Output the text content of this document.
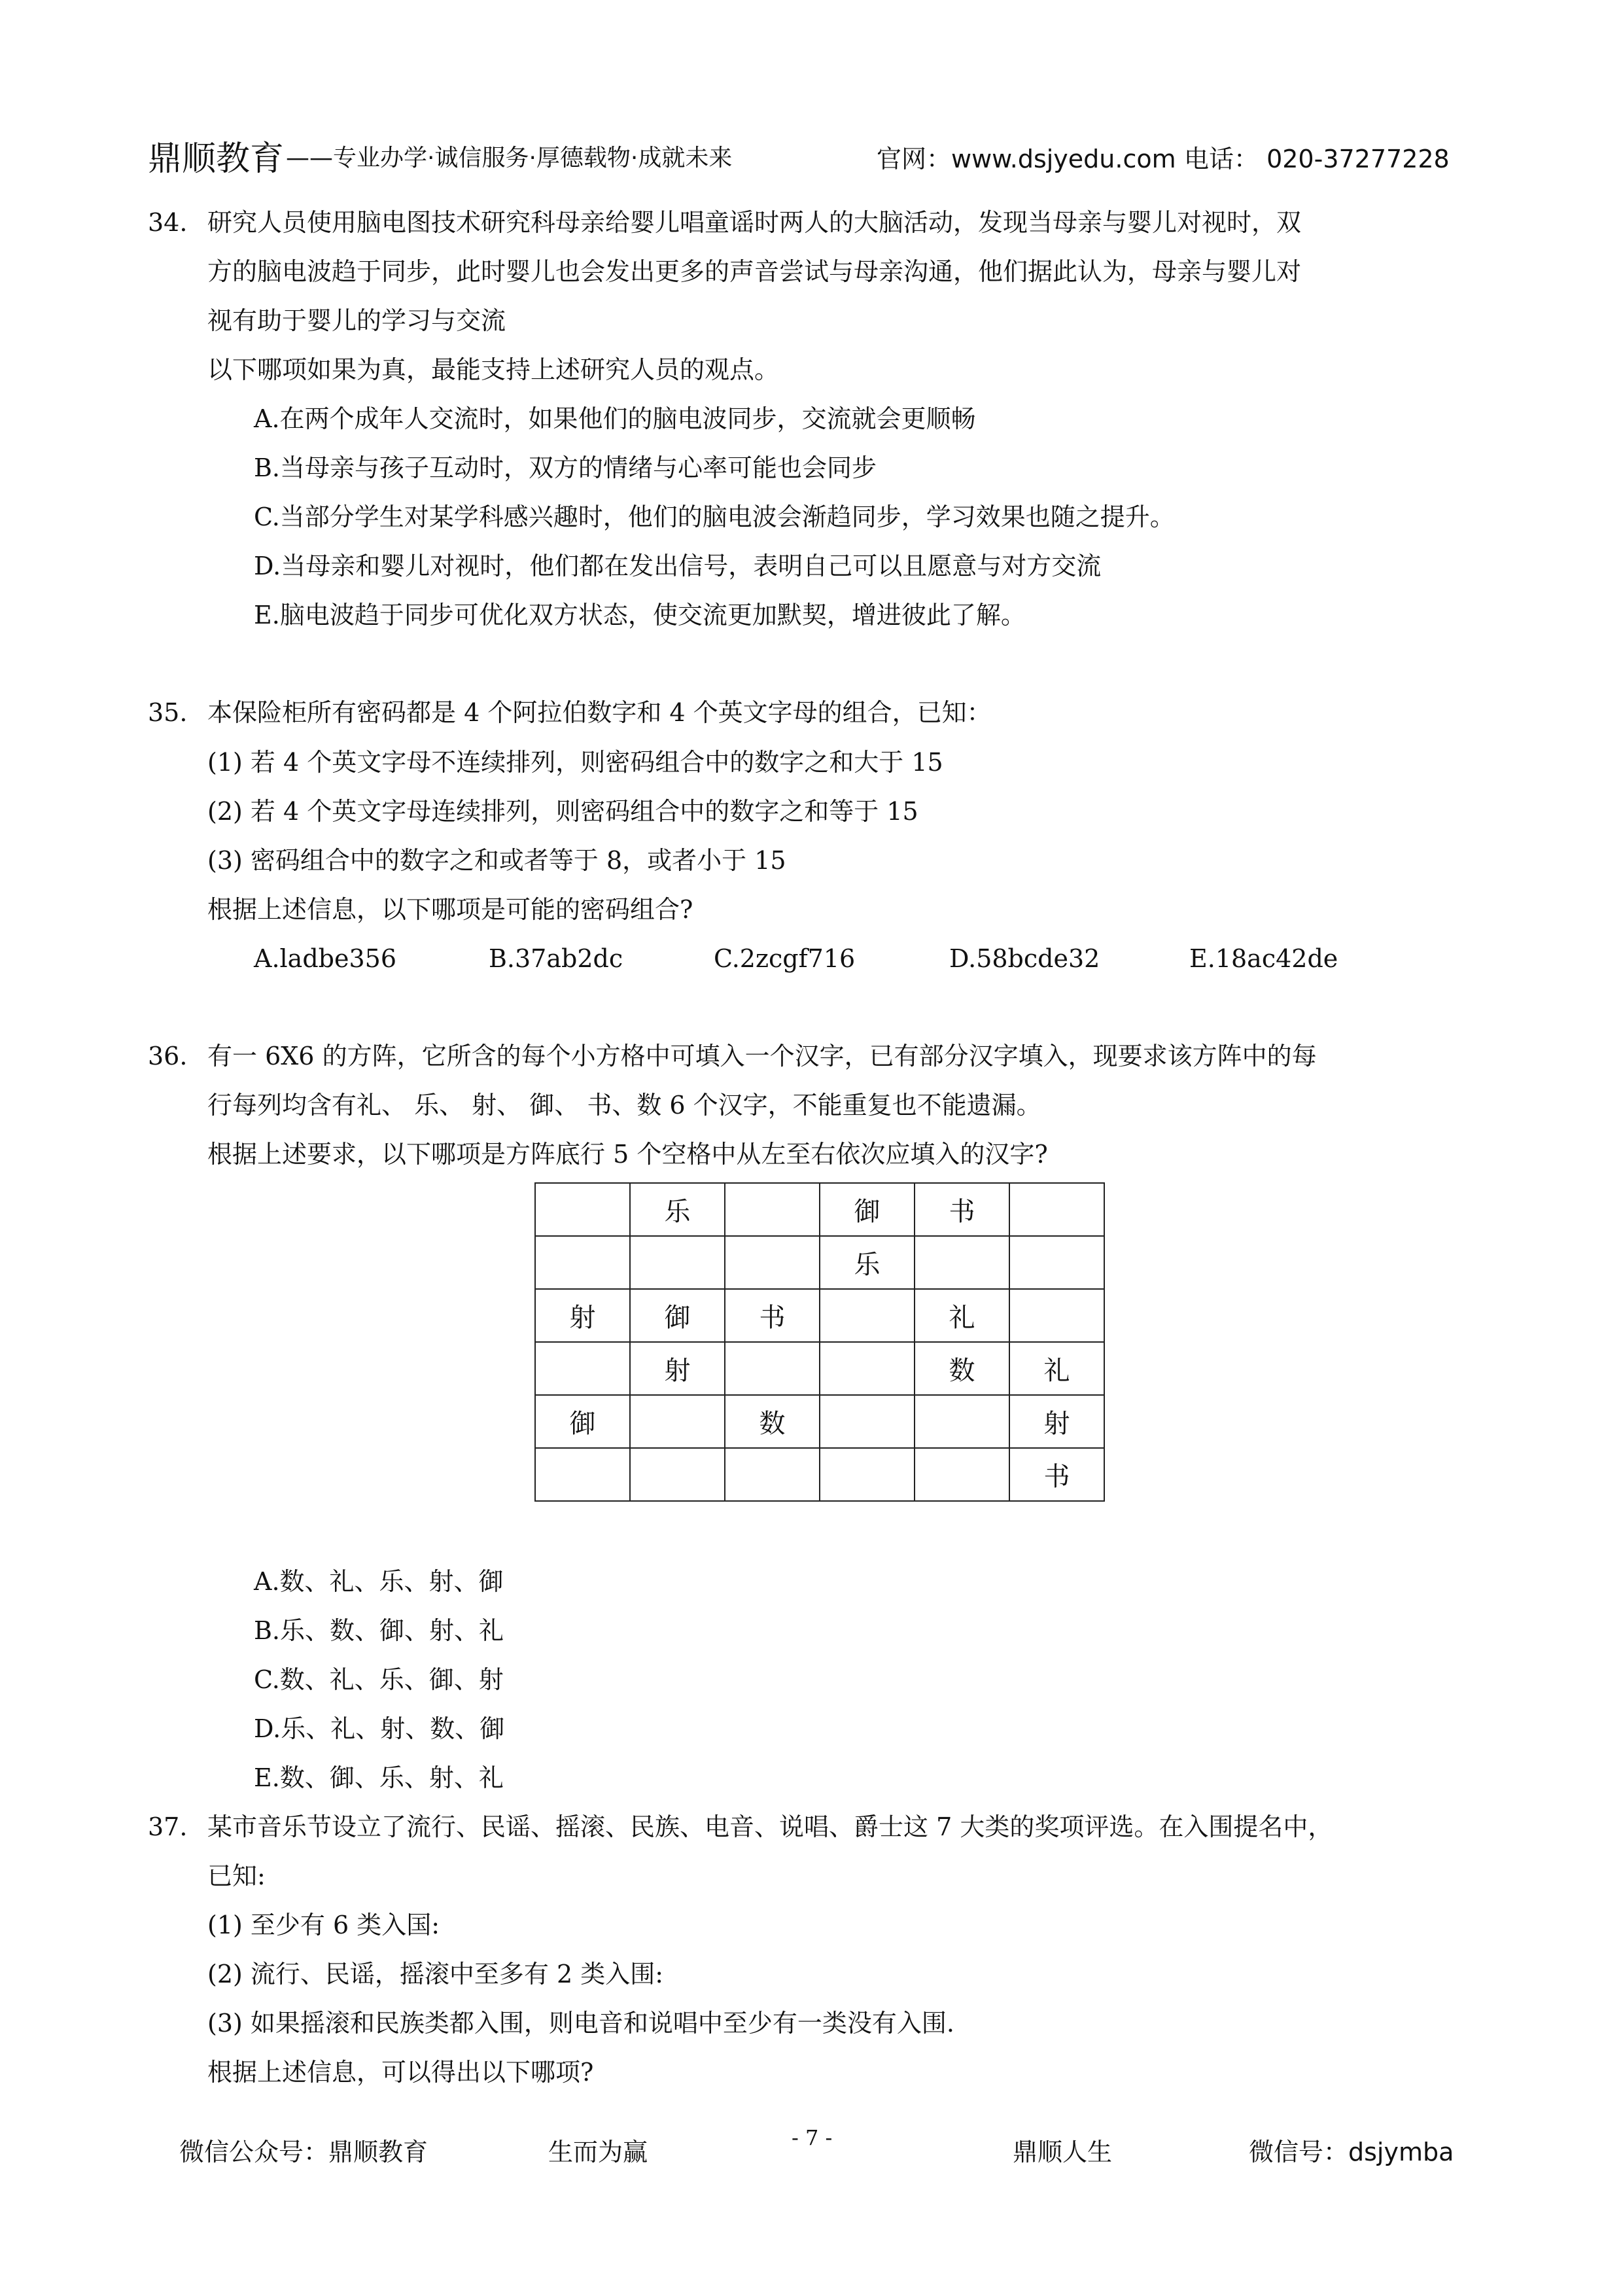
鼎顺教育 ——专业办学·诚信服务·厚德载物·成就未来	官网：www.dsjyedu.com 电话： 020-37277228
34. 研究人员使用脑电图技术研究科母亲给婴儿唱童谣时两人的大脑活动，发现当母亲与婴儿对视时，双
方的脑电波趋于同步，此时婴儿也会发出更多的声音尝试与母亲沟通，他们据此认为，母亲与婴儿对
视有助于婴儿的学习与交流
以下哪项如果为真，最能支持上述研究人员的观点。
A.在两个成年人交流时，如果他们的脑电波同步，交流就会更顺畅
B.当母亲与孩子互动时，双方的情绪与心率可能也会同步
C.当部分学生对某学科感兴趣时，他们的脑电波会渐趋同步，学习效果也随之提升。
D.当母亲和婴儿对视时，他们都在发出信号，表明自己可以且愿意与对方交流
E.脑电波趋于同步可优化双方状态，使交流更加默契，增进彼此了解。
35. 本保险柜所有密码都是 4 个阿拉伯数字和 4 个英文字母的组合，已知：
(1) 若 4 个英文字母不连续排列，则密码组合中的数字之和大于 15
(2) 若 4 个英文字母连续排列，则密码组合中的数字之和等于 15
(3) 密码组合中的数字之和或者等于 8，或者小于 15
根据上述信息，以下哪项是可能的密码组合?
A.ladbe356	B.37ab2dc	C.2zcgf716	D.58bcde32	E.18ac42de
36. 有一 6X6 的方阵，它所含的每个小方格中可填入一个汉字，已有部分汉字填入，现要求该方阵中的每
行每列均含有礼、 乐、 射、 御、 书、数 6 个汉字，不能重复也不能遗漏。
根据上述要求，以下哪项是方阵底行 5 个空格中从左至右依次应填入的汉字?
	乐		御	书	
			乐		
射	御	书		礼	
	射			数	礼
御		数			射
					书
A.数、礼、乐、射、御
B.乐、数、御、射、礼
C.数、礼、乐、御、射
D.乐、礼、射、数、御
E.数、御、乐、射、礼
37. 某市音乐节设立了流行、民谣、摇滚、民族、电音、说唱、爵士这 7 大类的奖项评选。在入围提名中，
已知:
(1) 至少有 6 类入国:
(2) 流行、民谣，摇滚中至多有 2 类入围:
(3) 如果摇滚和民族类都入围，则电音和说唱中至少有一类没有入围.
根据上述信息，可以得出以下哪项?
微信公众号：鼎顺教育	生而为赢	- 7 -	鼎顺人生	微信号：dsjymba
